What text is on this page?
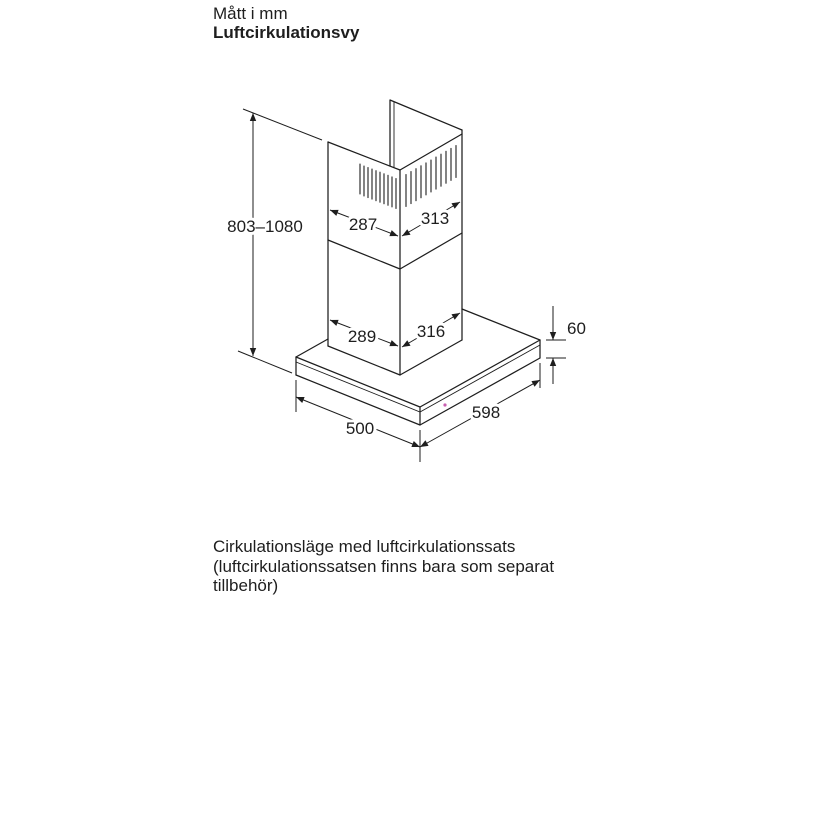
Mått i mm
Luftcirkulationsvy
803–1080	287	313
289 316	60
500
598
Cirkulationsläge med luftcirkulationssats
(luftcirkulationssatsen finns bara som separat
tillbehör)
